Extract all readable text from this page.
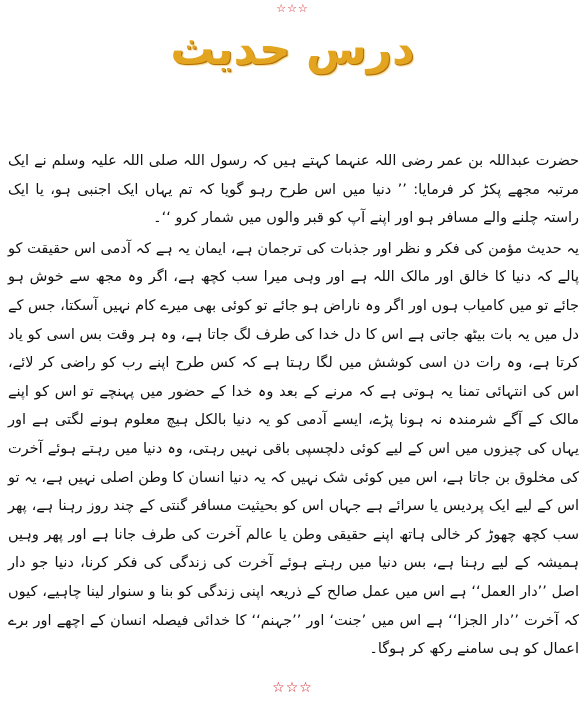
☆☆☆
درس حدیث

حضرت عبداللہ بن عمر رضی اللہ عنہما کہتے ہیں کہ رسول اللہ صلی اللہ علیہ وسلم نے ایک مرتبہ مجھے پکڑ کر فرمایا: ’’ دنیا میں اس طرح رہو گویا کہ تم یہاں ایک اجنبی ہو، یا ایک راستہ چلنے والے مسافر ہو اور اپنے آپ کو قبر والوں میں شمار کرو ‘‘۔

یہ حدیث مؤمن کی فکر و نظر اور جذبات کی ترجمان ہے، ایمان یہ ہے کہ آدمی اس حقیقت کو پالے کہ دنیا کا خالق اور مالک اللہ ہے اور وہی میرا سب کچھ ہے، اگر وہ مجھ سے خوش ہو جائے تو میں کامیاب ہوں اور اگر وہ ناراض ہو جائے تو کوئی بھی میرے کام نہیں آسکتا، جس کے دل میں یہ بات بیٹھ جاتی ہے اس کا دل خدا کی طرف لگ جاتا ہے، وہ ہر وقت بس اسی کو یاد کرتا ہے، وہ رات دن اسی کوشش میں لگا رہتا ہے کہ کس طرح اپنے رب کو راضی کر لائے، اس کی انتہائی تمنا یہ ہوتی ہے کہ مرنے کے بعد وہ خدا کے حضور میں پہنچے تو اس کو اپنے مالک کے آگے شرمندہ نہ ہونا پڑے، ایسے آدمی کو یہ دنیا بالکل ہیچ معلوم ہونے لگتی ہے اور یہاں کی چیزوں میں اس کے لیے کوئی دلچسپی باقی نہیں رہتی، وہ دنیا میں رہتے ہوئے آخرت کی مخلوق بن جاتا ہے، اس میں کوئی شک نہیں کہ یہ دنیا انسان کا وطن اصلی نہیں ہے، یہ تو اس کے لیے ایک پردیس یا سرائے ہے جہاں اس کو بحیثیت مسافر گنتی کے چند روز رہنا ہے، پھر سب کچھ چھوڑ کر خالی ہاتھ اپنے حقیقی وطن یا عالم آخرت کی طرف جانا ہے اور پھر وہیں ہمیشہ کے لیے رہنا ہے، بس دنیا میں رہتے ہوئے آخرت کی زندگی کی فکر کرنا، دنیا جو دار اصل ’’دار العمل‘‘ ہے اس میں عمل صالح کے ذریعہ اپنی زندگی کو بنا و سنوار لینا چاہیے، کیوں کہ آخرت ’’دار الجزا‘‘ ہے اس میں ’جنت‘ اور ’’جہنم‘‘ کا خدائی فیصلہ انسان کے اچھے اور برے اعمال کو ہی سامنے رکھ کر ہوگا۔

☆☆☆
